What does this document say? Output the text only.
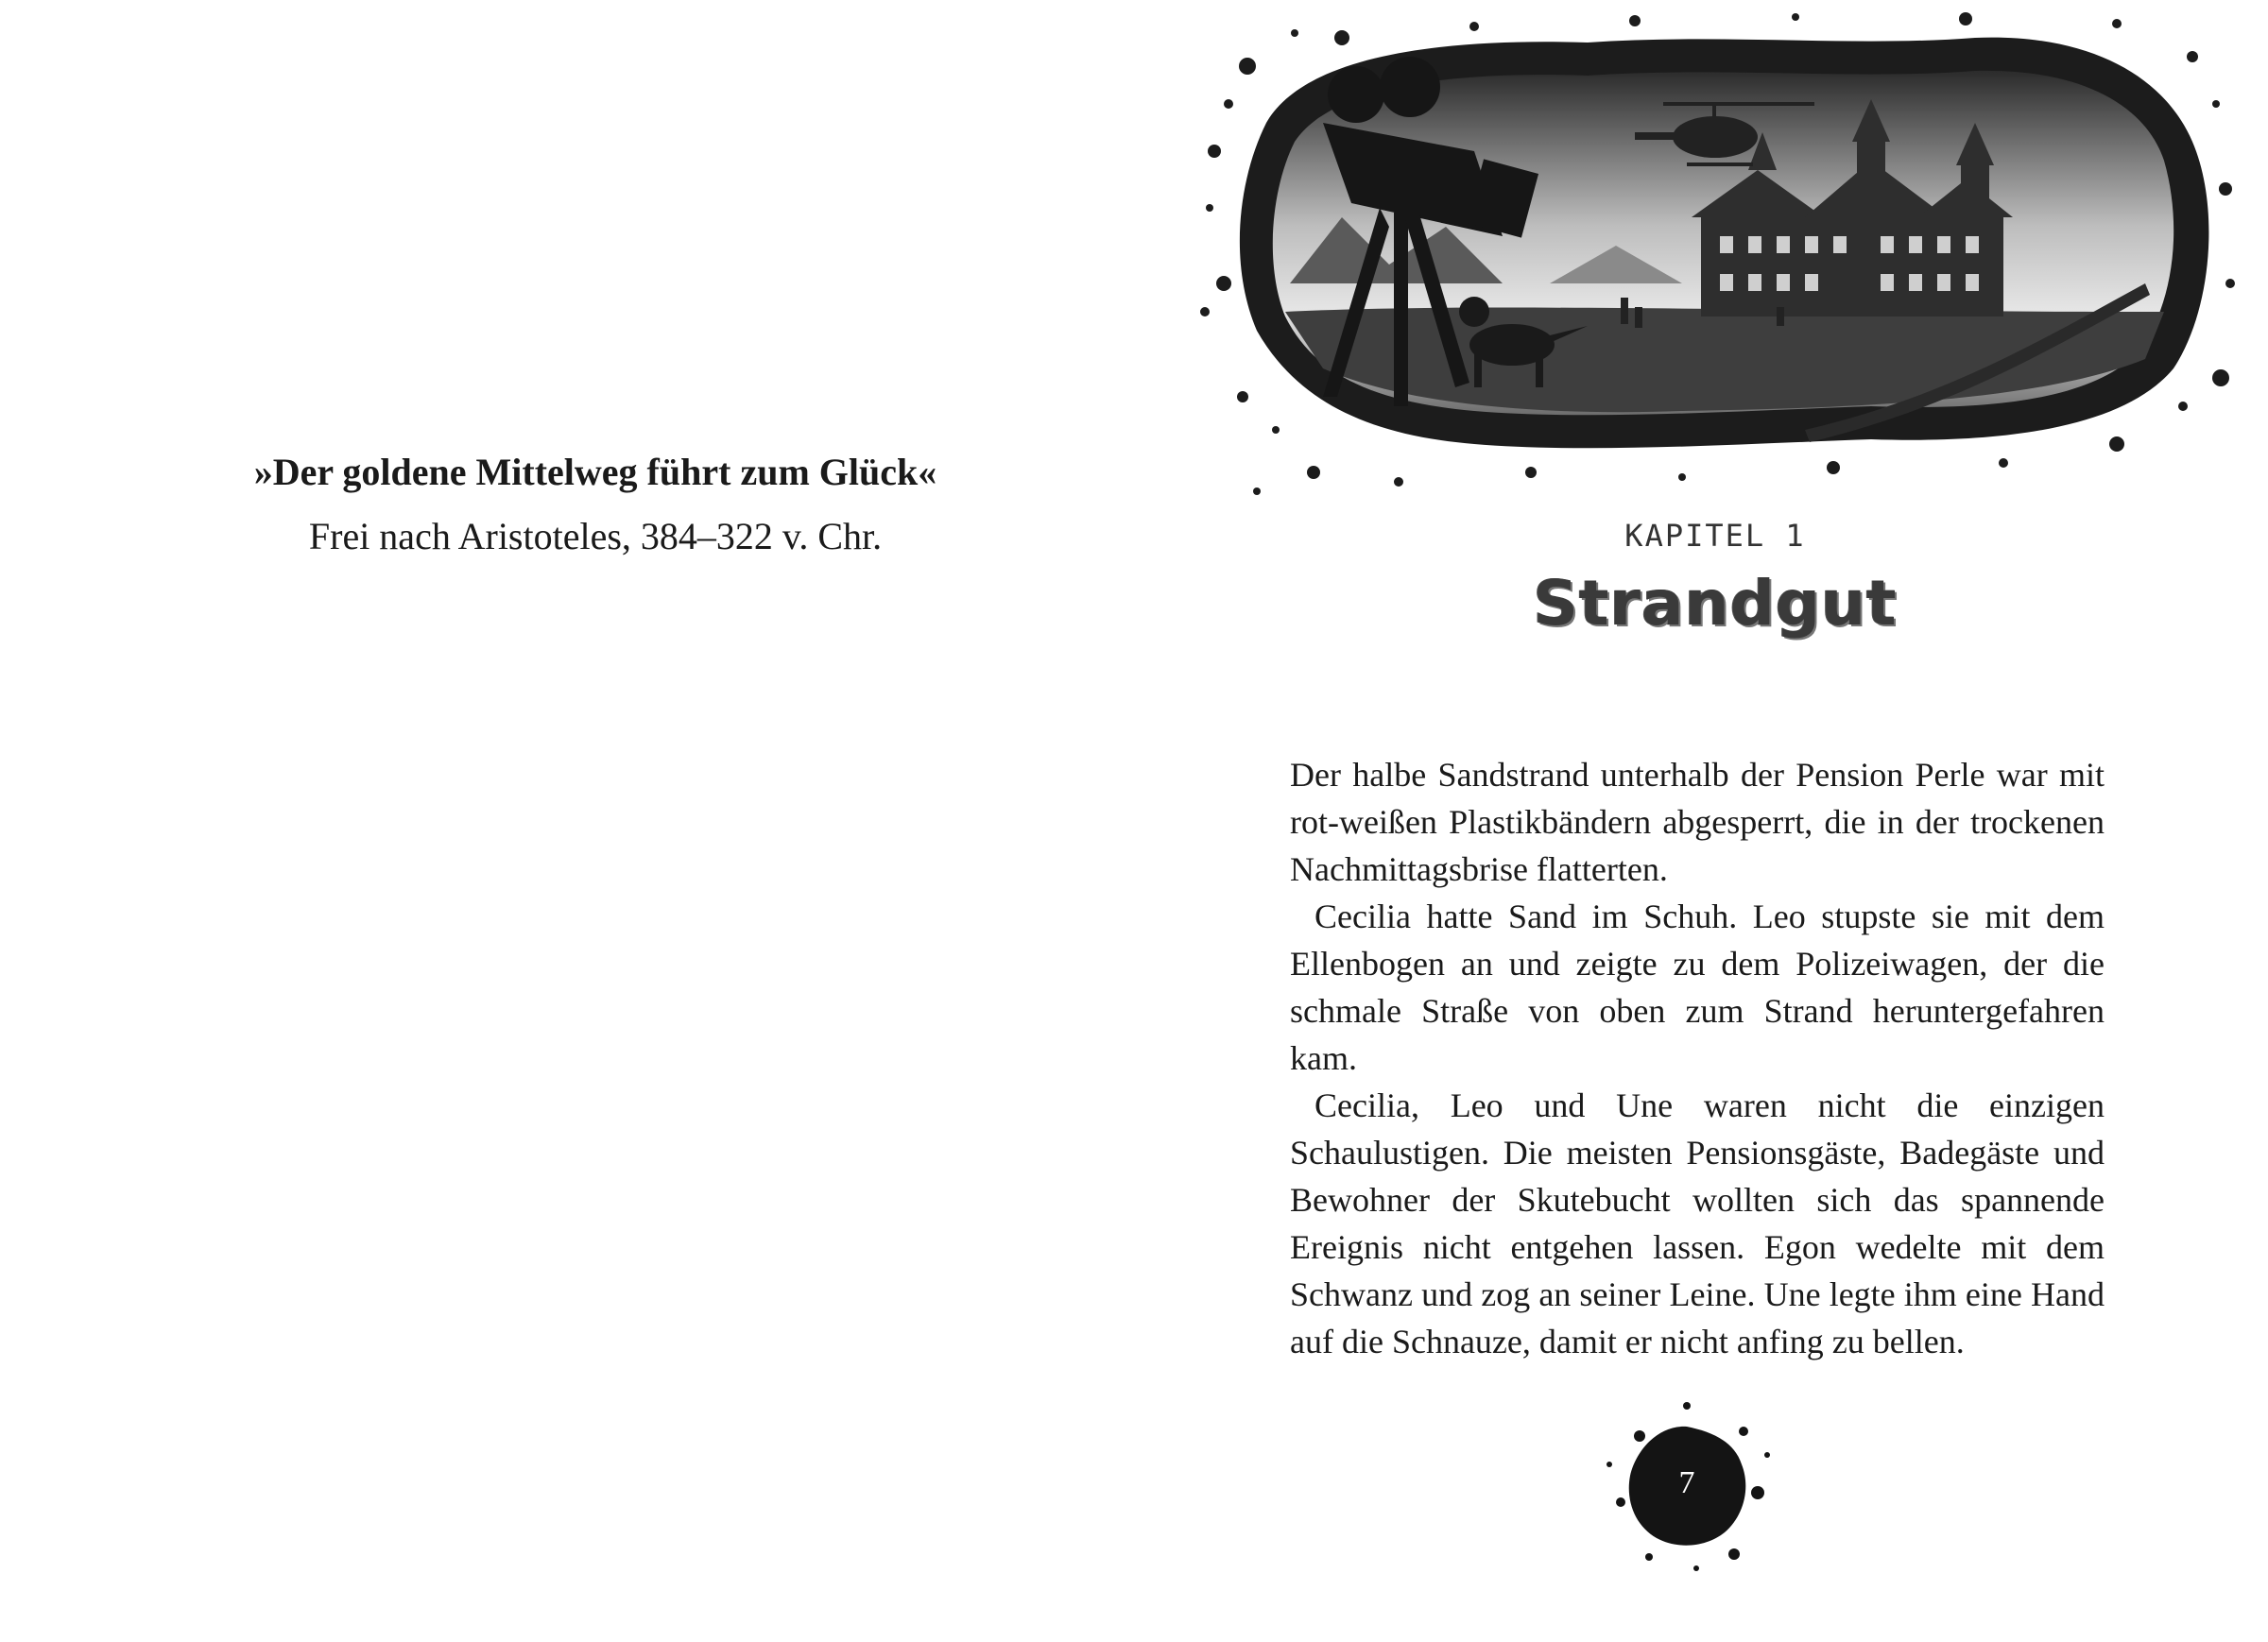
»Der goldene Mittelweg führt zum Glück«
Frei nach Aristoteles, 384–322 v. Chr.	KAPITEL 1
Strandgut

Der halbe Sandstrand unterhalb der Pension Perle war mit rot-weißen Plastikbändern abgesperrt, die in der trockenen Nachmittagsbrise flatterten.

Cecilia hatte Sand im Schuh. Leo stupste sie mit dem Ellenbogen an und zeigte zu dem Polizeiwagen, der die schmale Straße von oben zum Strand heruntergefahren kam.

Cecilia, Leo und Une waren nicht die einzigen Schaulustigen. Die meisten Pensionsgäste, Badegäste und Bewohner der Skutebucht wollten sich das spannende Ereignis nicht entgehen lassen. Egon wedelte mit dem Schwanz und zog an seiner Leine. Une legte ihm eine Hand auf die Schnauze, damit er nicht anfing zu bellen.

7
